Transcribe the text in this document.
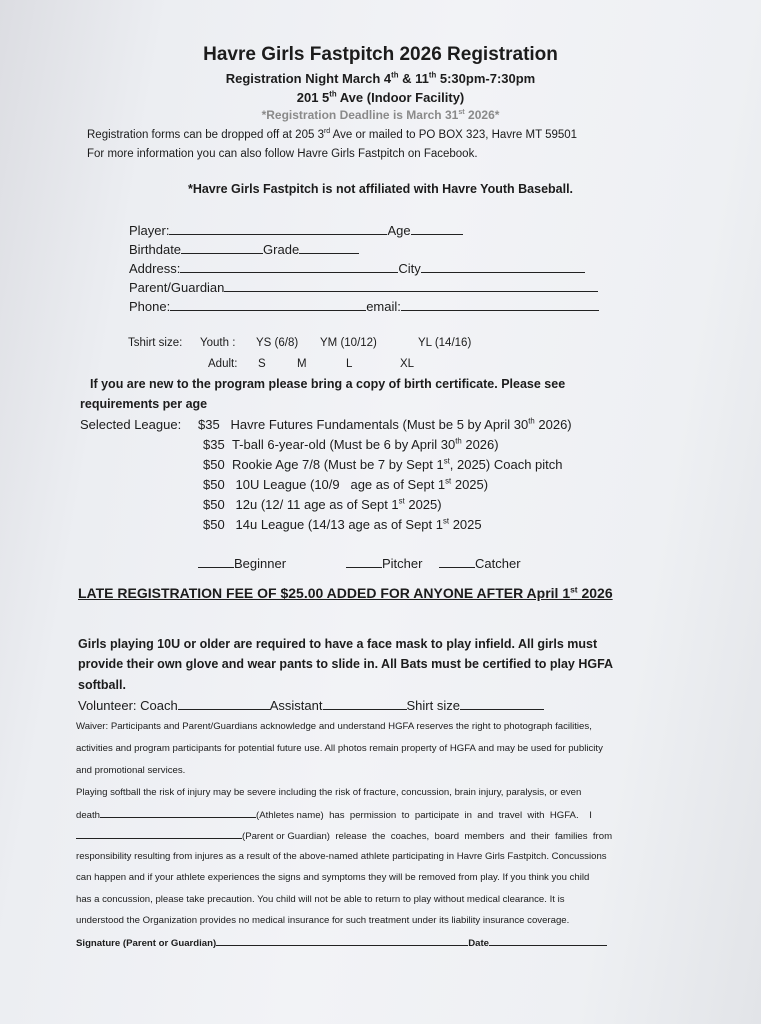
Havre Girls Fastpitch 2026 Registration
Registration Night March 4th & 11th 5:30pm-7:30pm
201 5th Ave (Indoor Facility)
*Registration Deadline is March 31st 2026*
Registration forms can be dropped off at 205 3rd Ave or mailed to PO BOX 323, Havre MT 59501
For more information you can also follow Havre Girls Fastpitch on Facebook.
*Havre Girls Fastpitch is not affiliated with Havre Youth Baseball.
Player:	Age
Birthdate	Grade
Address:	City
Parent/Guardian
Phone:	email:
Tshirt size: Youth : YS (6/8) YM (10/12)	YL (14/16)
Adult: S	M	L	XL
If you are new to the program please bring a copy of birth certificate. Please see
requirements per age
Selected League: $35 Havre Futures Fundamentals (Must be 5 by April 30th 2026)
$35 T-ball 6-year-old (Must be 6 by April 30th 2026)
$50 Rookie Age 7/8 (Must be 7 by Sept 1st, 2025) Coach pitch
$50 10U League (10/9   age as of Sept 1st 2025)
$50 12u (12/ 11 age as of Sept 1st 2025)
$50 14u League (14/13 age as of Sept 1st 2025
Beginner	Pitcher	Catcher
LATE REGISTRATION FEE OF $25.00 ADDED FOR ANYONE AFTER April 1st 2026
Girls playing 10U or older are required to have a face mask to play infield. All girls must
provide their own glove and wear pants to slide in. All Bats must be certified to play HGFA
softball.
Volunteer: Coach	Assistant	Shirt size
Waiver: Participants and Parent/Guardians acknowledge and understand HGFA reserves the right to photograph facilities,
activities and program participants for potential future use. All photos remain property of HGFA and may be used for publicity
and promotional services.
Playing softball the risk of injury may be severe including the risk of fracture, concussion, brain injury, paralysis, or even
death	(Athletes name)  has  permission  to  participate  in  and  travel  with  HGFA.    I
(Parent or Guardian)  release  the  coaches,  board  members  and  their  families  from
responsibility resulting from injures as a result of the above-named athlete participating in Havre Girls Fastpitch. Concussions
can happen and if your athlete experiences the signs and symptoms they will be removed from play. If you think you child
has a concussion, please take precaution. You child will not be able to return to play without medical clearance. It is
understood the Organization provides no medical insurance for such treatment under its liability insurance coverage.
Signature (Parent or Guardian)	Date
